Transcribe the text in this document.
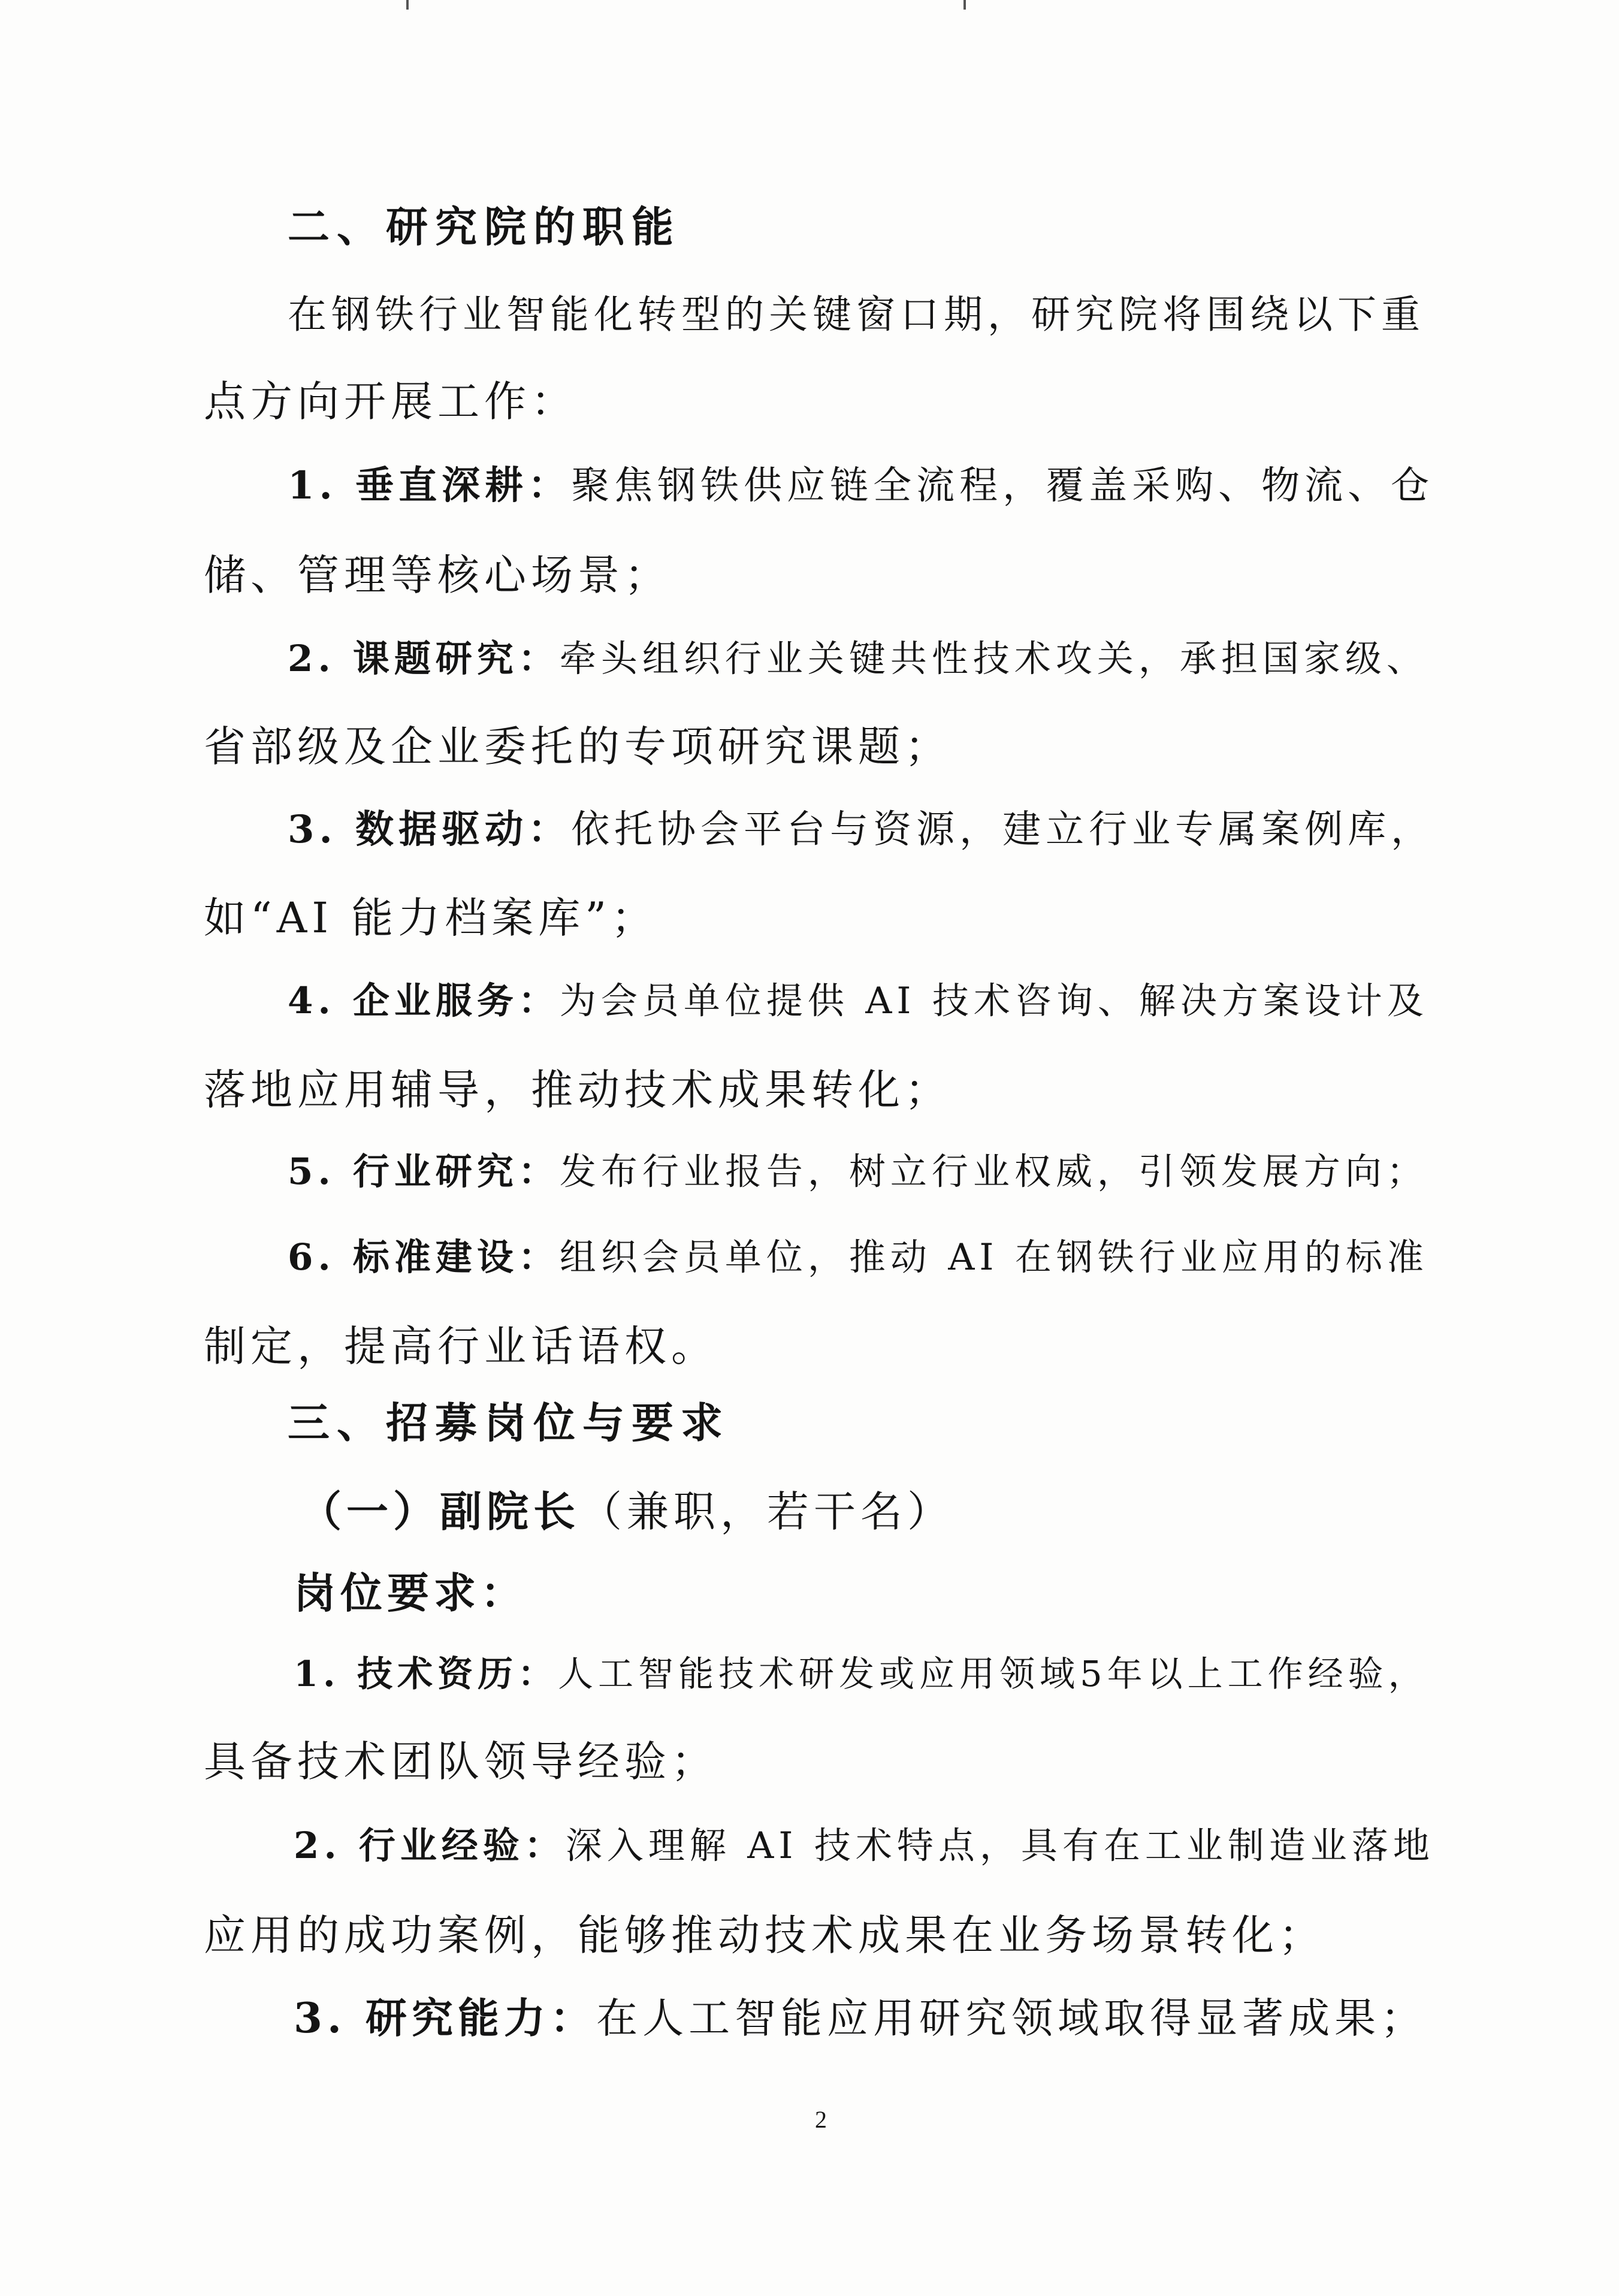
二、研究院的职能
在钢铁行业智能化转型的关键窗口期，研究院将围绕以下重
点方向开展工作：
1. 垂直深耕：聚焦钢铁供应链全流程，覆盖采购、物流、仓
储、管理等核心场景；
2. 课题研究：牵头组织行业关键共性技术攻关，承担国家级、
省部级及企业委托的专项研究课题；
3. 数据驱动：依托协会平台与资源，建立行业专属案例库，
如“AI 能力档案库”；
4. 企业服务：为会员单位提供 AI 技术咨询、解决方案设计及
落地应用辅导，推动技术成果转化；
5. 行业研究：发布行业报告，树立行业权威，引领发展方向；
6. 标准建设：组织会员单位，推动 AI 在钢铁行业应用的标准
制定，提高行业话语权。
三、招募岗位与要求
（一）副院长（兼职，若干名）
岗位要求：
1. 技术资历：人工智能技术研发或应用领域5年以上工作经验，
具备技术团队领导经验；
2. 行业经验：深入理解 AI 技术特点，具有在工业制造业落地
应用的成功案例，能够推动技术成果在业务场景转化；
3. 研究能力：在人工智能应用研究领域取得显著成果；
2
